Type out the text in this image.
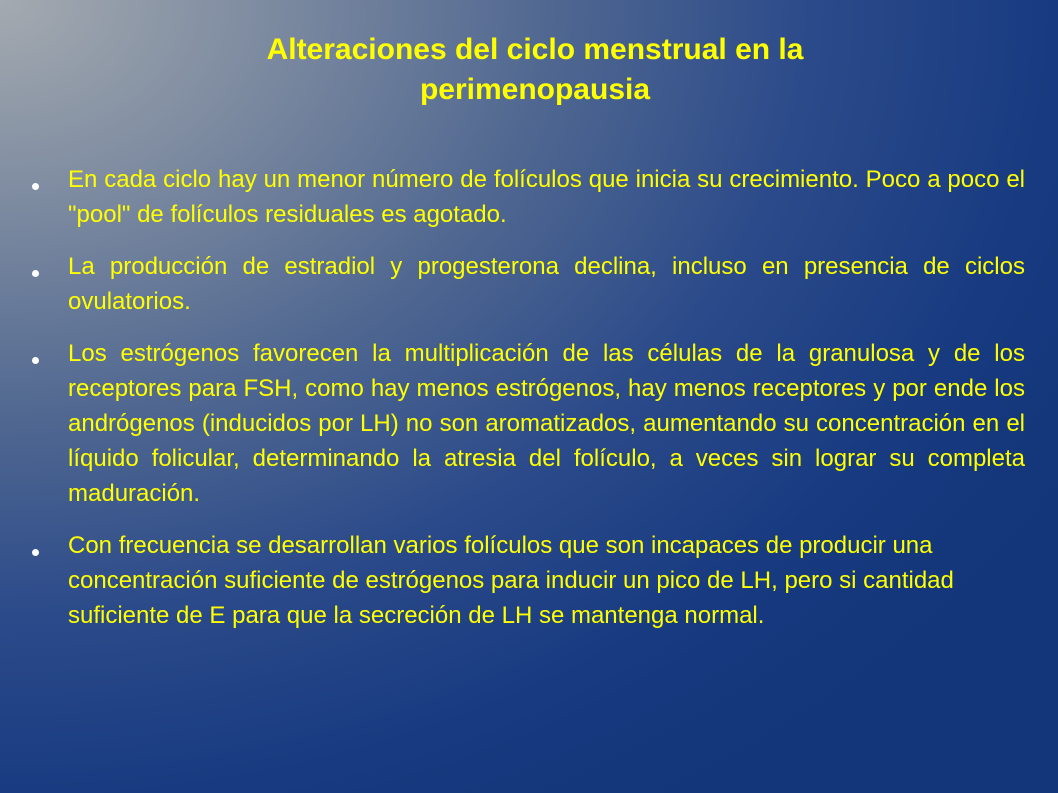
Alteraciones del ciclo menstrual en la perimenopausia
En cada ciclo hay un menor número de folículos que inicia su crecimiento. Poco a poco el "pool" de folículos residuales es agotado.
La producción de estradiol y progesterona declina, incluso en presencia de ciclos ovulatorios.
Los estrógenos favorecen la multiplicación de las células de la granulosa y de los receptores para FSH, como hay menos estrógenos, hay menos receptores y por ende los andrógenos (inducidos por LH) no son aromatizados, aumentando su concentración en el líquido folicular, determinando la atresia del folículo, a veces sin lograr su completa maduración.
Con frecuencia se desarrollan varios folículos que son incapaces de producir una concentración suficiente de estrógenos para inducir un pico de LH, pero si cantidad suficiente de E para que la secreción de LH se mantenga normal.
